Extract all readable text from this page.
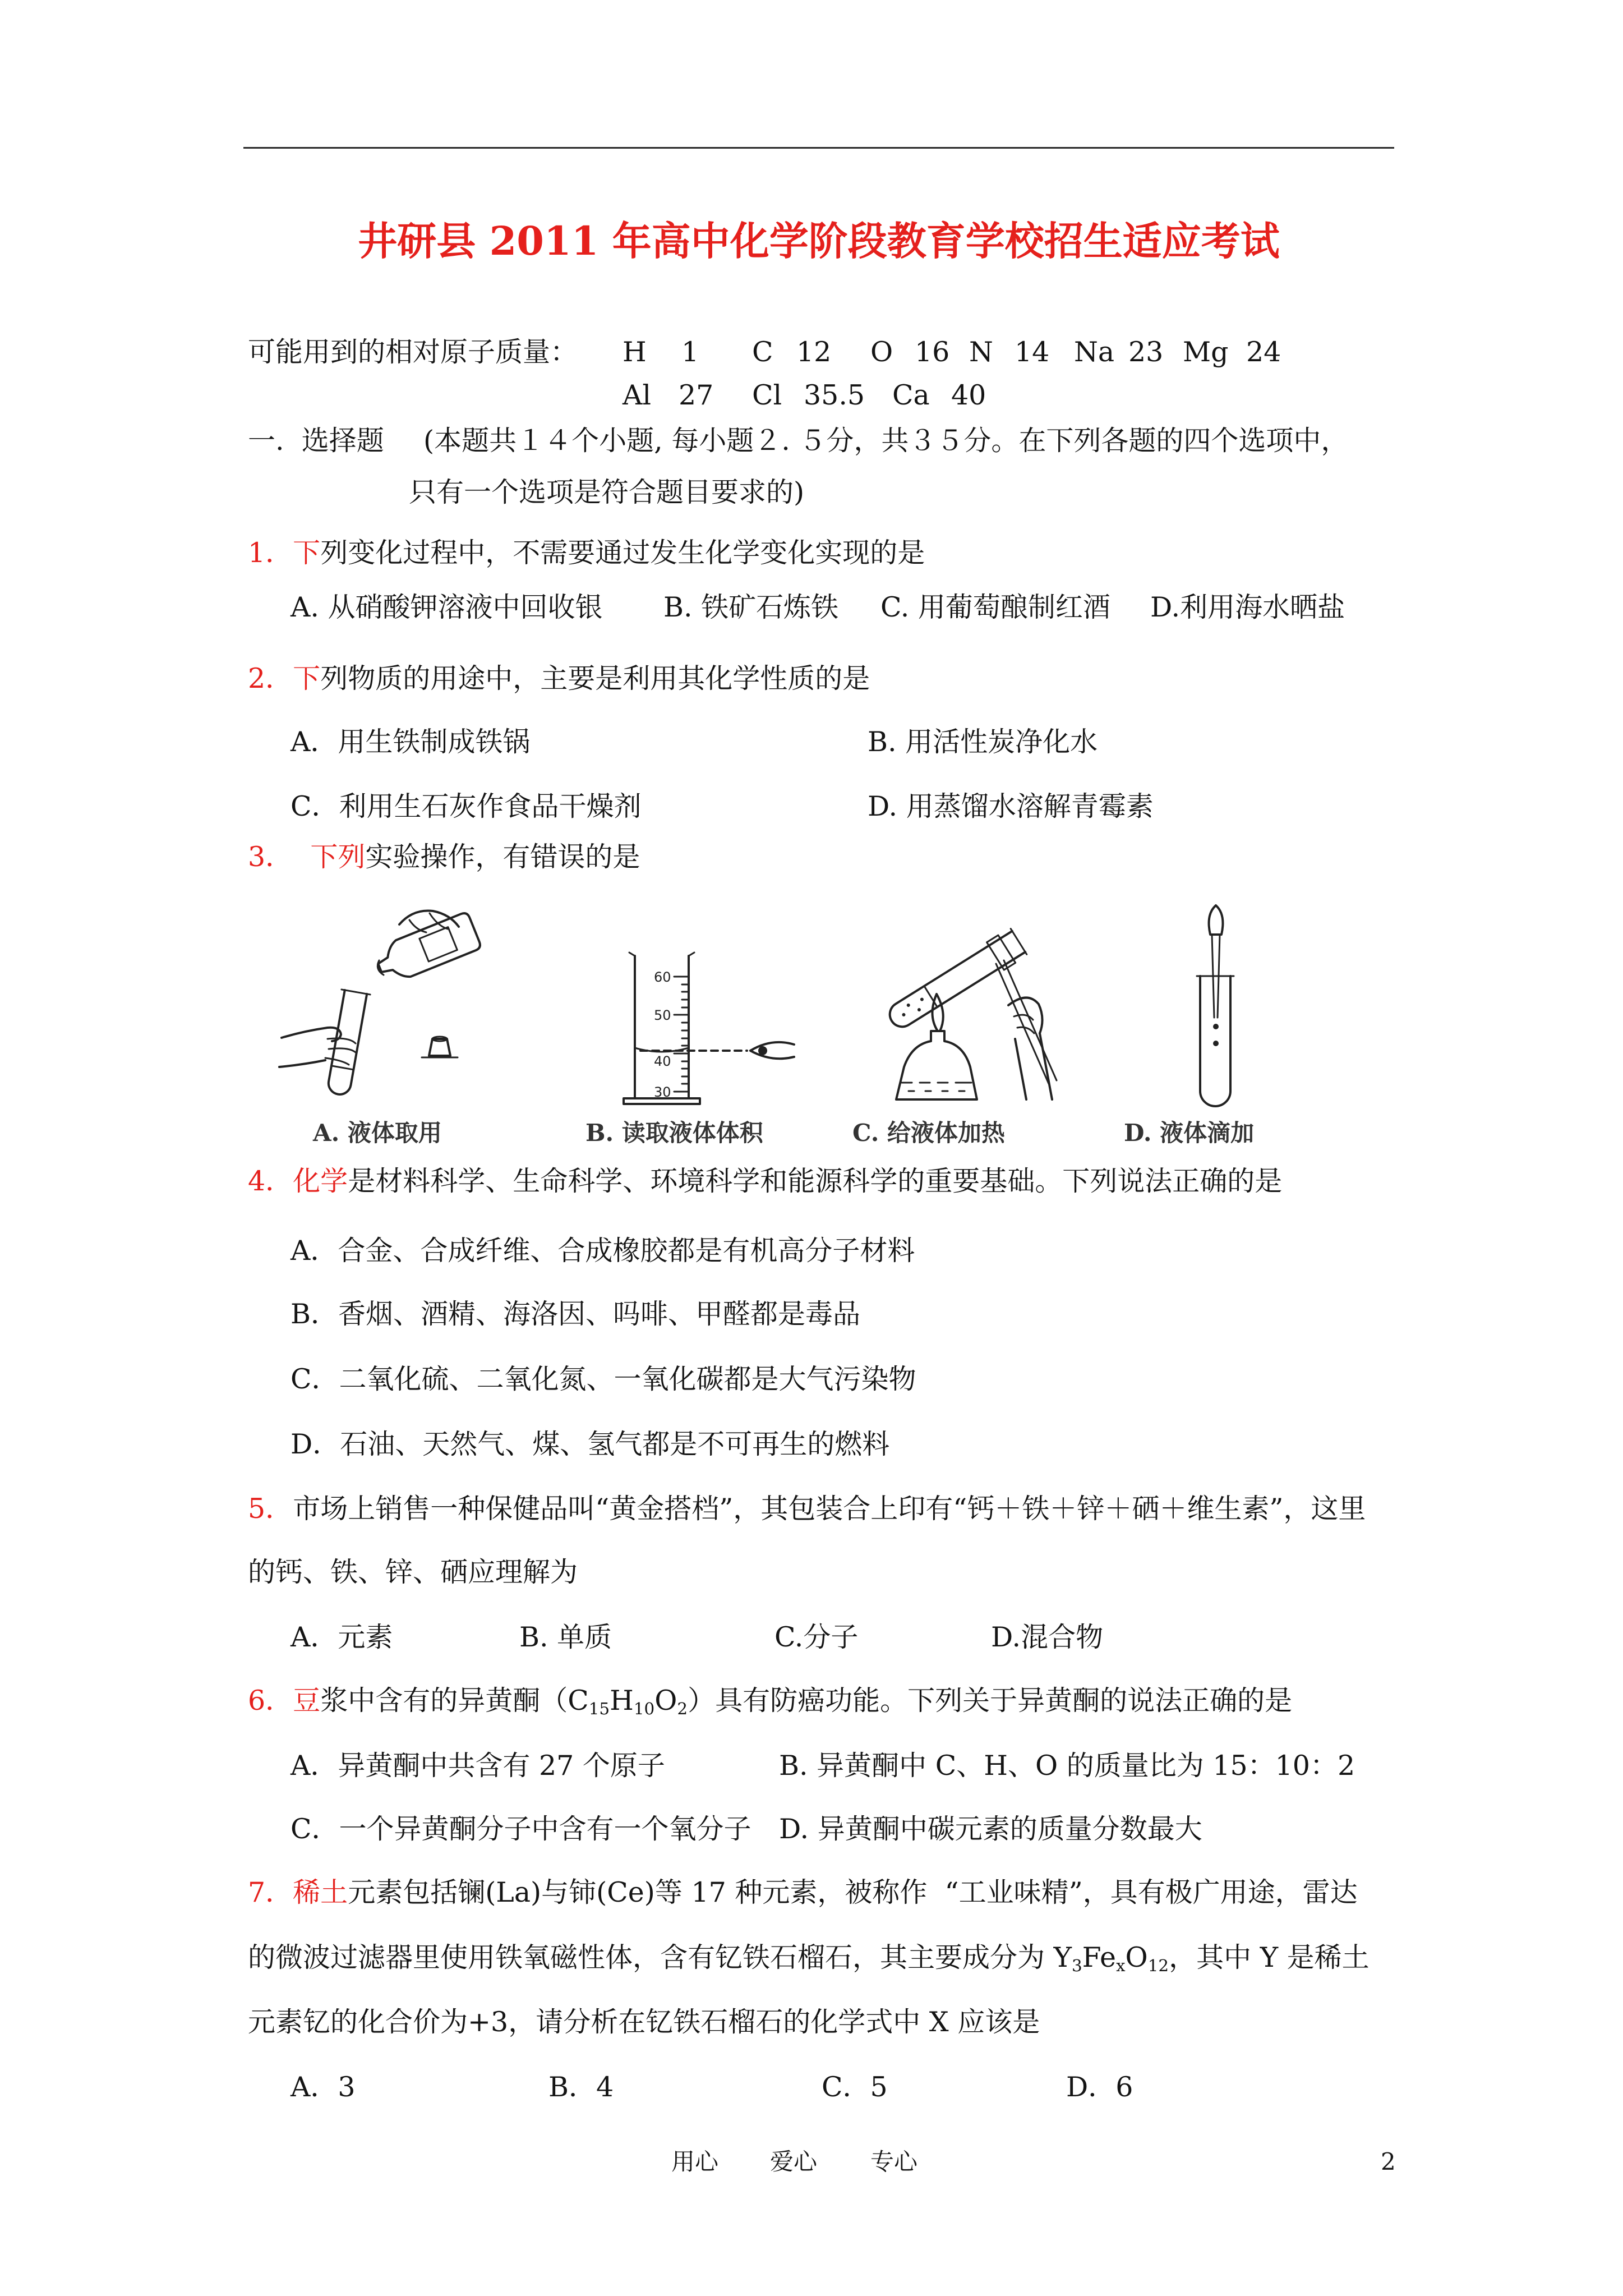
井研县 2011 年高中化学阶段教育学校招生适应考试
可能用到的相对原子质量： H 1 C 12 O 16 N 14 Na 23 Mg 24
Al 27 Cl 35.5 Ca 40
一.  选择题 (本题共１４个小题, 每小题２. ５分，共３５分。在下列各题的四个选项中，
只有一个选项是符合题目要求的)
1．下列变化过程中，不需要通过发生化学变化实现的是
A. 从硝酸钾溶液中回收银 B. 铁矿石炼铁 C. 用葡萄酿制红酒 D.利用海水晒盐
2．下列物质的用途中，主要是利用其化学性质的是
A．用生铁制成铁锅	B. 用活性炭净化水
C．利用生石灰作食品干燥剂	D. 用蒸馏水溶解青霉素
3．  下列实验操作，有错误的是
60
50
40
30
A. 液体取用	B. 读取液体体积	C. 给液体加热	D. 液体滴加
4．化学是材料科学、生命科学、环境科学和能源科学的重要基础。下列说法正确的是
A．合金、合成纤维、合成橡胶都是有机高分子材料
B．香烟、酒精、海洛因、吗啡、甲醛都是毒品
C．二氧化硫、二氧化氮、一氧化碳都是大气污染物
D．石油、天然气、煤、氢气都是不可再生的燃料
5．市场上销售一种保健品叫“黄金搭档”，其包装合上印有“钙＋铁＋锌＋硒＋维生素”，这里
的钙、铁、锌、硒应理解为
A．元素	B. 单质	C.分子	D.混合物
6．豆浆中含有的异黄酮$(C_{15}H_{10}O_2)$具有防癌功能。下列关于异黄酮的说法正确的是
A．异黄酮中共含有 27 个原子	B. 异黄酮中 C、H、O 的质量比为 15：10：2
C．一个异黄酮分子中含有一个氧分子 D. 异黄酮中碳元素的质量分数最大
7．稀土元素包括镧(La)与铈(Ce)等 17 种元素，被称作  “工业味精”，具有极广用途，雷达
的微波过滤器里使用铁氧磁性体，含有钇铁石榴石，其主要成分为 $Y_3Fe_xO_{12}$，其中 Y 是稀土
元素钇的化合价为+3，请分析在钇铁石榴石的化学式中 X 应该是
A．3	B．4	C．5	D．6
用心 爱心 专心	2
